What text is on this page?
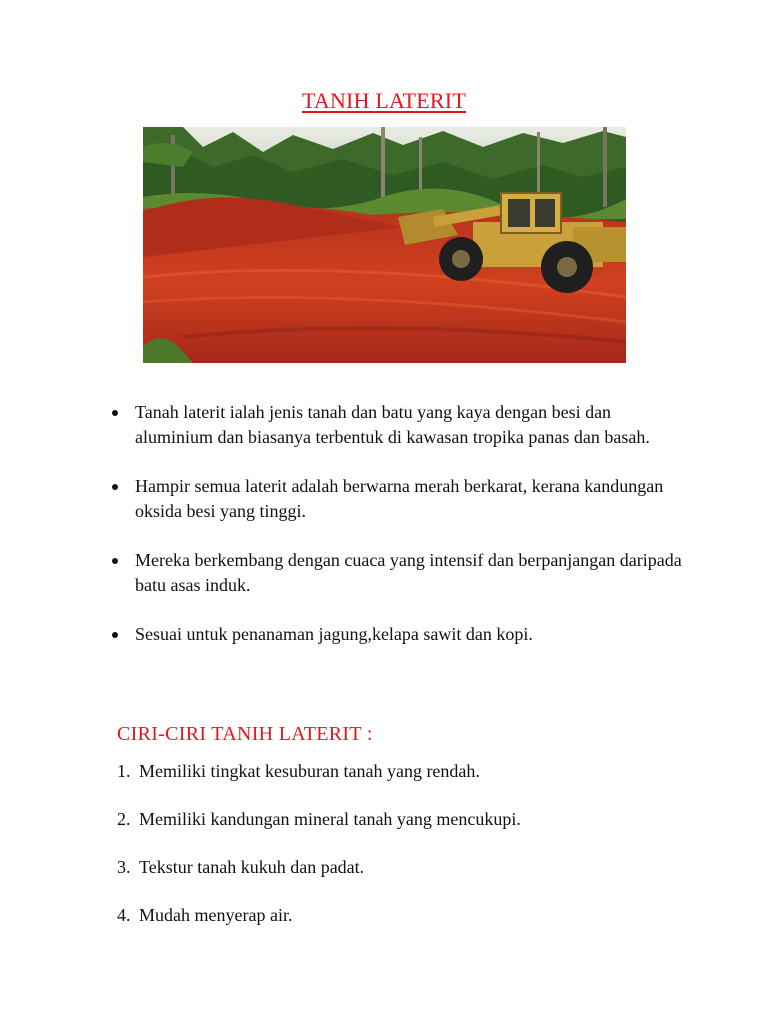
TANIH LATERIT
Tanah laterit ialah jenis tanah dan batu yang kaya dengan besi dan aluminium dan biasanya terbentuk di kawasan tropika panas dan basah.
Hampir semua laterit adalah berwarna merah berkarat, kerana kandungan oksida besi yang tinggi.
Mereka berkembang dengan cuaca yang intensif dan berpanjangan daripada batu asas induk.
Sesuai untuk penanaman jagung,kelapa sawit dan kopi.
CIRI-CIRI TANIH LATERIT :
1. Memiliki tingkat kesuburan tanah yang rendah.
2. Memiliki kandungan mineral tanah yang mencukupi.
3. Tekstur tanah kukuh dan padat.
4. Mudah menyerap air.
